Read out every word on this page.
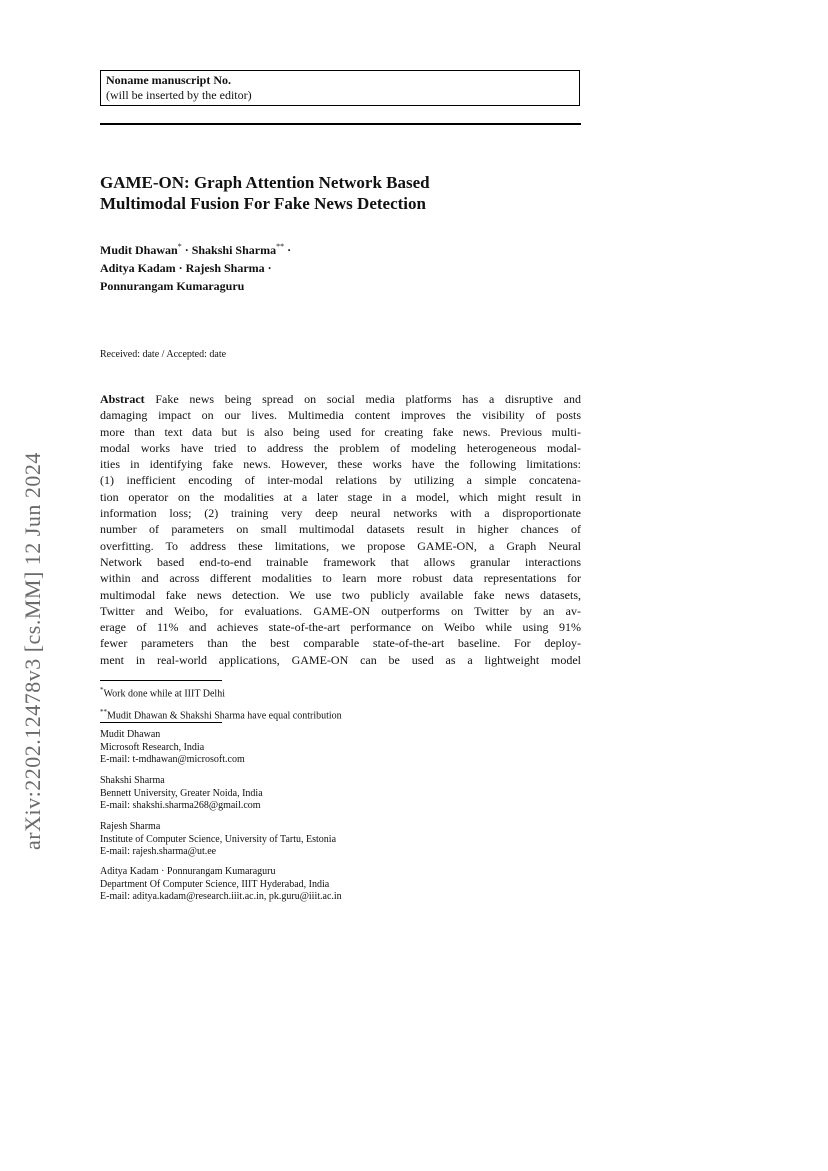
Noname manuscript No.
(will be inserted by the editor)
GAME-ON: Graph Attention Network Based
Multimodal Fusion For Fake News Detection
Mudit Dhawan* · Shakshi Sharma** ·
Aditya Kadam · Rajesh Sharma ·
Ponnurangam Kumaraguru
Received: date / Accepted: date
Abstract Fake news being spread on social media platforms has a disruptive and
damaging impact on our lives. Multimedia content improves the visibility of posts
more than text data but is also being used for creating fake news. Previous multi-
modal works have tried to address the problem of modeling heterogeneous modal-
ities in identifying fake news. However, these works have the following limitations:
(1) inefficient encoding of inter-modal relations by utilizing a simple concatena-
tion operator on the modalities at a later stage in a model, which might result in
information loss; (2) training very deep neural networks with a disproportionate
number of parameters on small multimodal datasets result in higher chances of
overfitting. To address these limitations, we propose GAME-ON, a Graph Neural
Network based end-to-end trainable framework that allows granular interactions
within and across different modalities to learn more robust data representations for
multimodal fake news detection. We use two publicly available fake news datasets,
Twitter and Weibo, for evaluations. GAME-ON outperforms on Twitter by an av-
erage of 11% and achieves state-of-the-art performance on Weibo while using 91%
fewer parameters than the best comparable state-of-the-art baseline. For deploy-
ment in real-world applications, GAME-ON can be used as a lightweight model
*Work done while at IIIT Delhi
**Mudit Dhawan & Shakshi Sharma have equal contribution
Mudit Dhawan
Microsoft Research, India
E-mail: t-mdhawan@microsoft.com
Shakshi Sharma
Bennett University, Greater Noida, India
E-mail: shakshi.sharma268@gmail.com
Rajesh Sharma
Institute of Computer Science, University of Tartu, Estonia
E-mail: rajesh.sharma@ut.ee
Aditya Kadam · Ponnurangam Kumaraguru
Department Of Computer Science, IIIT Hyderabad, India
E-mail: aditya.kadam@research.iiit.ac.in, pk.guru@iiit.ac.in
arXiv:2202.12478v3 [cs.MM] 12 Jun 2024
